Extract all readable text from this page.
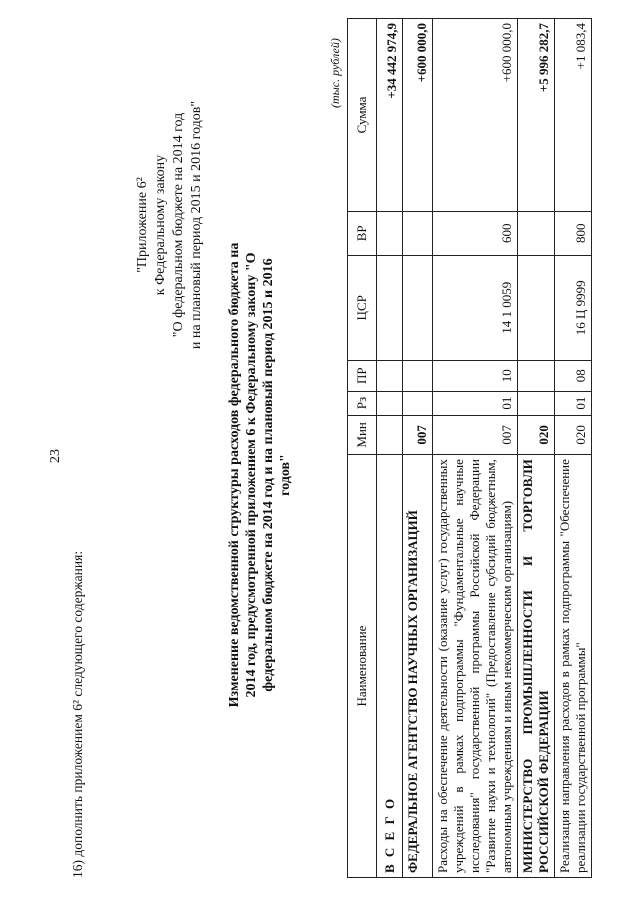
23
16) дополнить приложением 6² следующего содержания:
"Приложение 6² к Федеральному закону "О федеральном бюджете на 2014 год и на плановый период 2015 и 2016 годов"
Изменение ведомственной структуры расходов федерального бюджета на 2014 год, предусмотренной приложением 6 к Федеральному закону "О федеральном бюджете на 2014 год и на плановый период 2015 и 2016 годов"
(тыс. рублей)
Наименование	Мин	Рз	ПР	ЦСР	ВР	Сумма
В С Е Г О						+34 442 974,9
ФЕДЕРАЛЬНОЕ АГЕНТСТВО НАУЧНЫХ ОРГАНИЗАЦИЙ	007					+600 000,0
Расходы на обеспечение деятельности (оказание услуг) государственных учреждений в рамках подпрограммы "Фундаментальные научные исследования" государственной программы Российской Федерации "Развитие науки и технологий" (Предоставление субсидий бюджетным, автономным учреждениям и иным некоммерческим организациям)	007	01	10	14 1 0059	600	+600 000,0
МИНИСТЕРСТВО ПРОМЫШЛЕННОСТИ И ТОРГОВЛИ РОССИЙСКОЙ ФЕДЕРАЦИИ	020					+5 996 282,7
Реализация направления расходов в рамках подпрограммы "Обеспечение реализации государственной программы"	020	01	08	16 Ц 9999	800	+1 083,4
